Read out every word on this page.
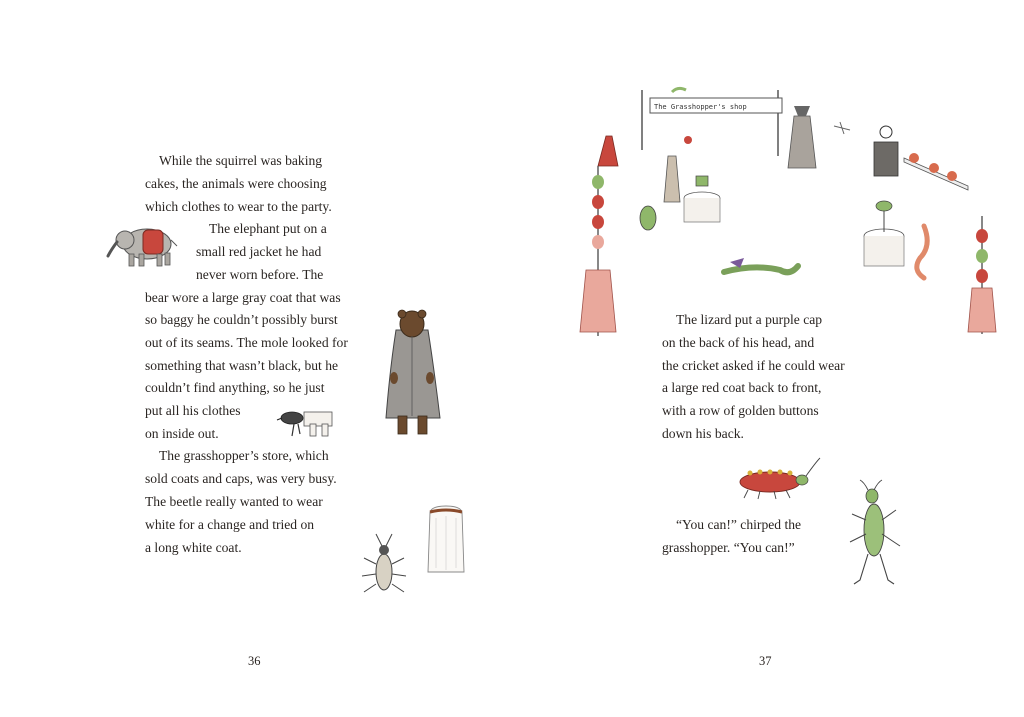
While the squirrel was baking
cakes, the animals were choosing
which clothes to wear to the party.
The elephant put on a
small red jacket he had
never worn before. The
bear wore a large gray coat that was
so baggy he couldn’t possibly burst
out of its seams. The mole looked for
something that wasn’t black, but he
couldn’t find anything, so he just
put all his clothes
on inside out.
The grasshopper’s store, which
sold coats and caps, was very busy.
The beetle really wanted to wear
white for a change and tried on
a long white coat.
36
The Grasshopper's shop
The lizard put a purple cap
on the back of his head, and
the cricket asked if he could wear
a large red coat back to front,
with a row of golden buttons
down his back.
“You can!” chirped the
grasshopper. “You can!”
37
